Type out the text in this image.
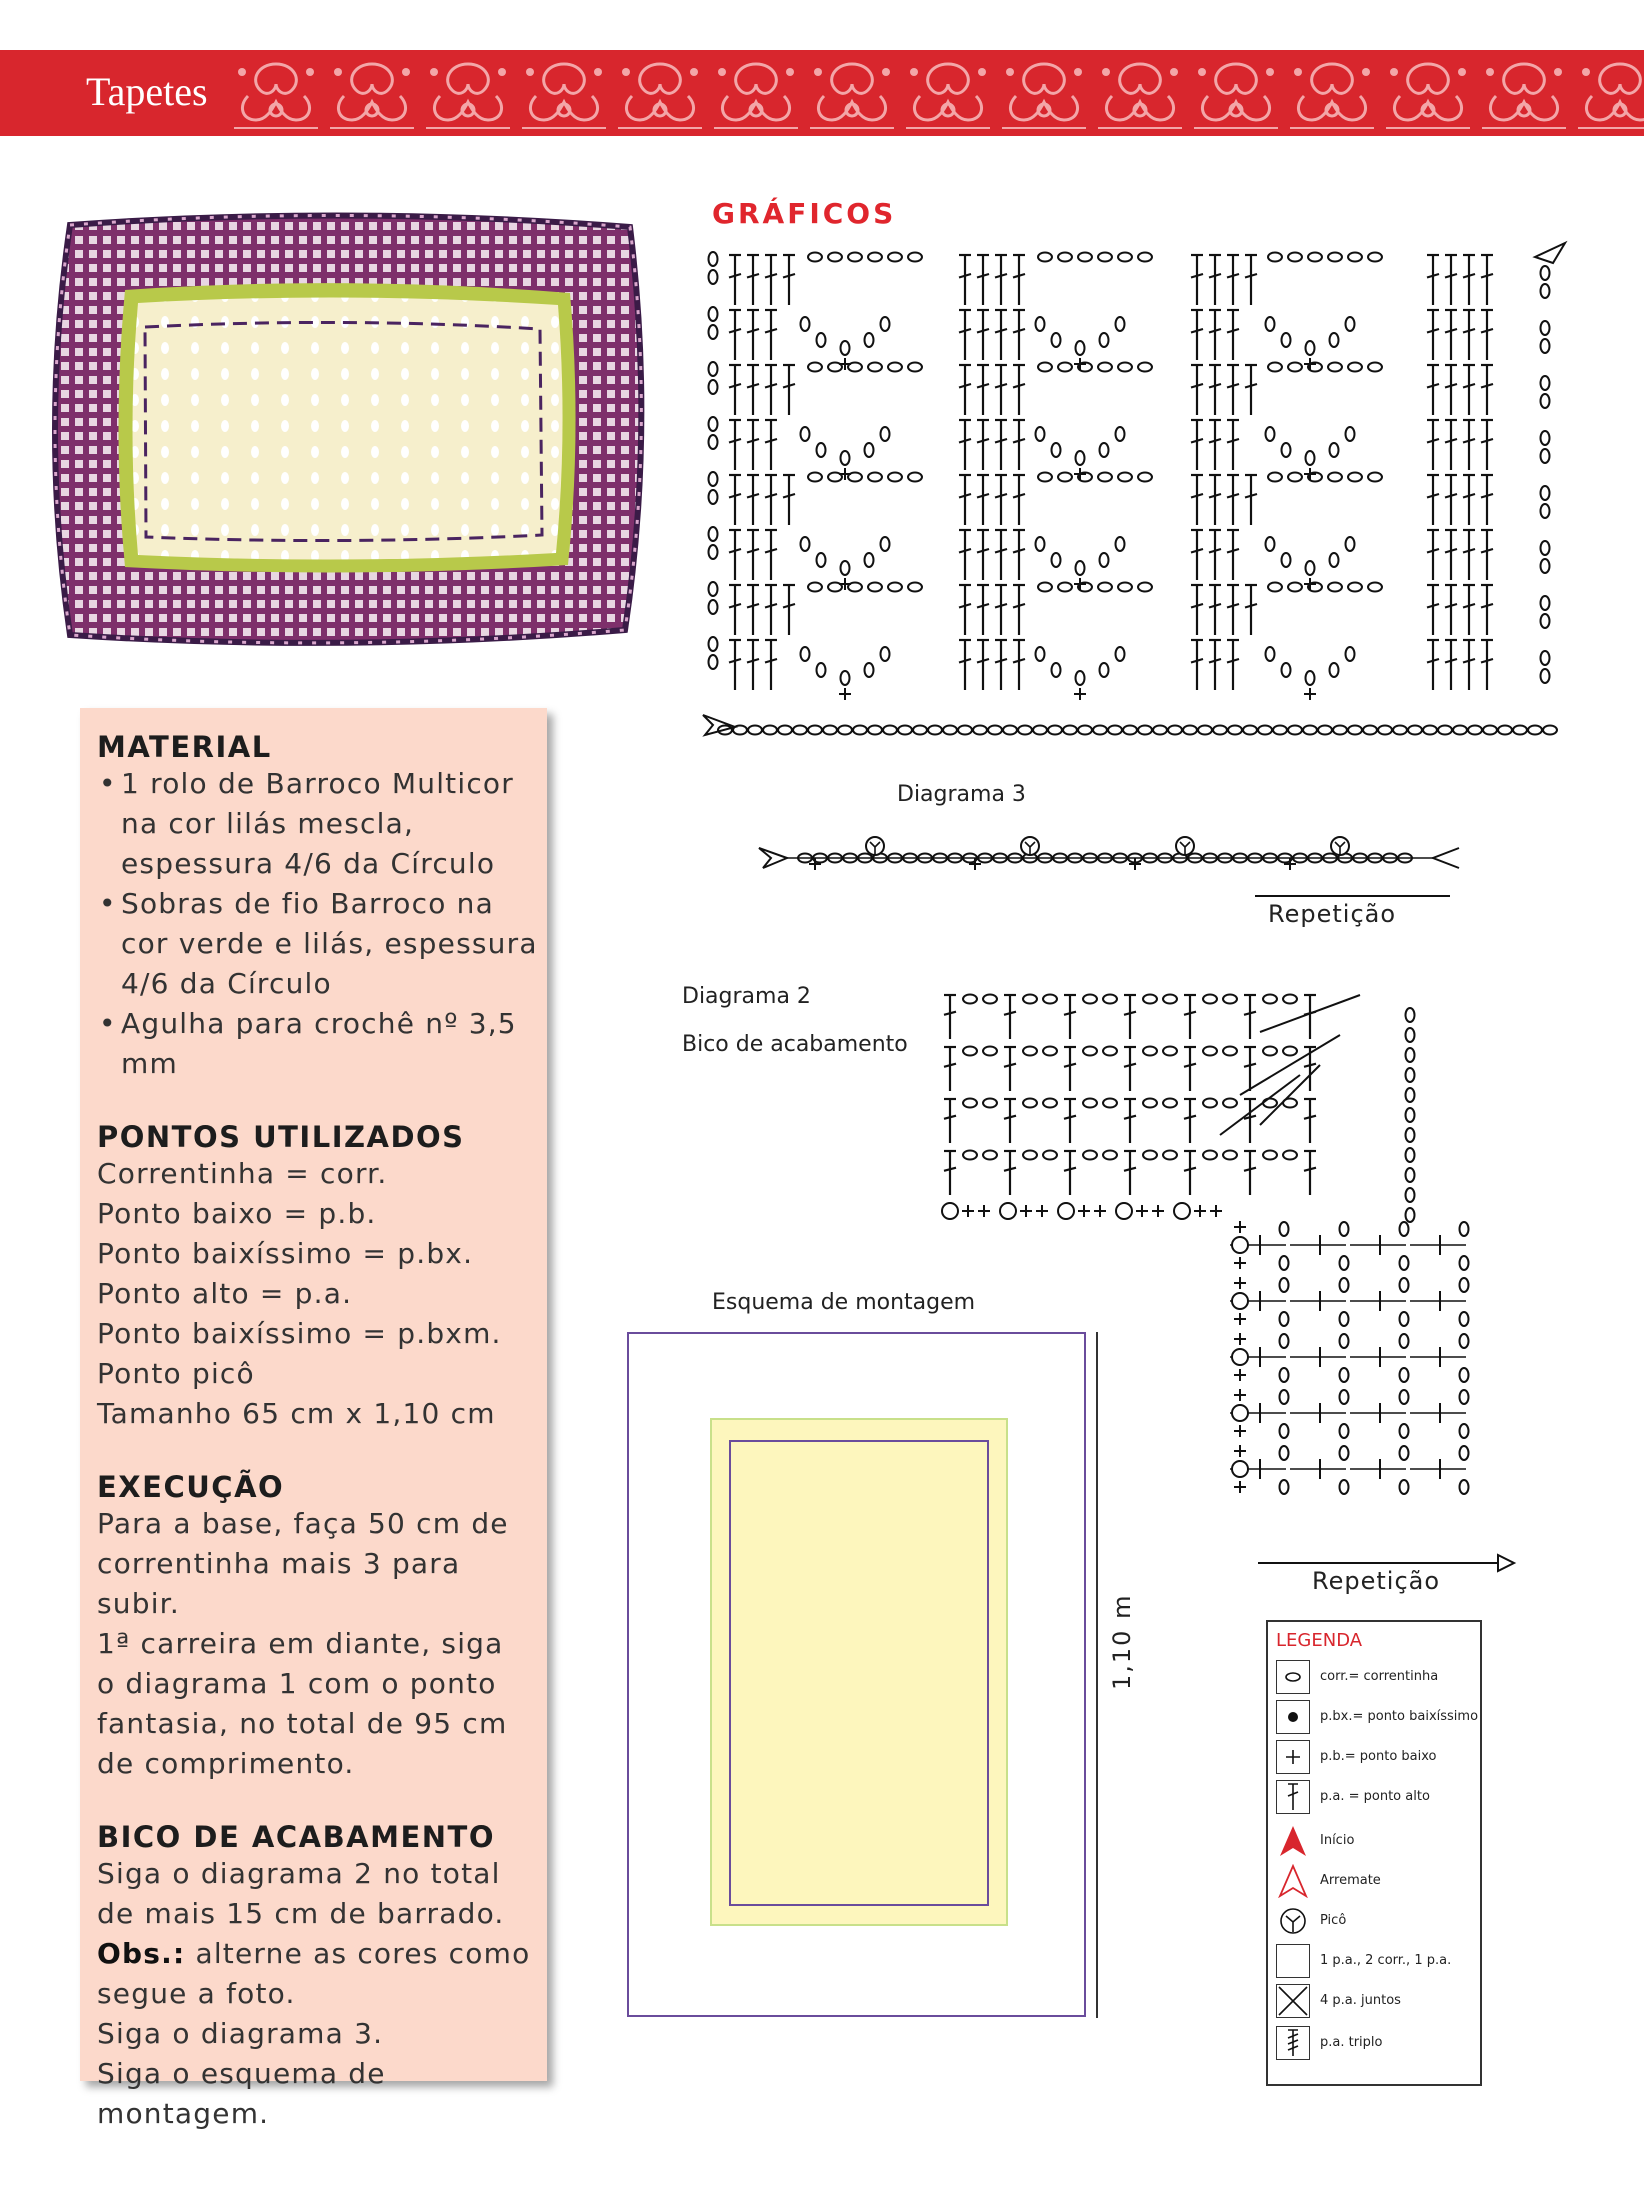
Tapetes
MATERIAL
• 1 rolo de Barroco Multicor
na cor lilás mescla,
espessura 4/6 da Círculo
• Sobras de fio Barroco na
cor verde e lilás, espessura
4/6 da Círculo
• Agulha para crochê nº 3,5 mm
PONTOS UTILIZADOS

Correntinha = corr.

Ponto baixo = p.b.

Ponto baixíssimo = p.bx.

Ponto alto = p.a.

Ponto baixíssimo = p.bxm.

Ponto picô

Tamanho 65 cm x 1,10 cm

EXECUÇÃO

Para a base, faça 50 cm de

correntinha mais 3 para subir.

1ª carreira em diante, siga

o diagrama 1 com o ponto

fantasia, no total de 95 cm

de comprimento.

BICO DE ACABAMENTO

Siga o diagrama 2 no total

de mais 15 cm de barrado.

Obs.: alterne as cores como

segue a foto.

Siga o diagrama 3.

Siga o esquema de

montagem.

GRÁFICOS
Diagrama 3
Repetição
Diagrama 2
Bico de acabamento
Repetição
Esquema de montagem
1,10 m	LEGENDA
corr.= correntinha
p.bx.= ponto baixíssimo
p.b.= ponto baixo
p.a. = ponto alto
Início
Arremate
Picô
1 p.a., 2 corr., 1 p.a.
4 p.a. juntos
p.a. triplo
